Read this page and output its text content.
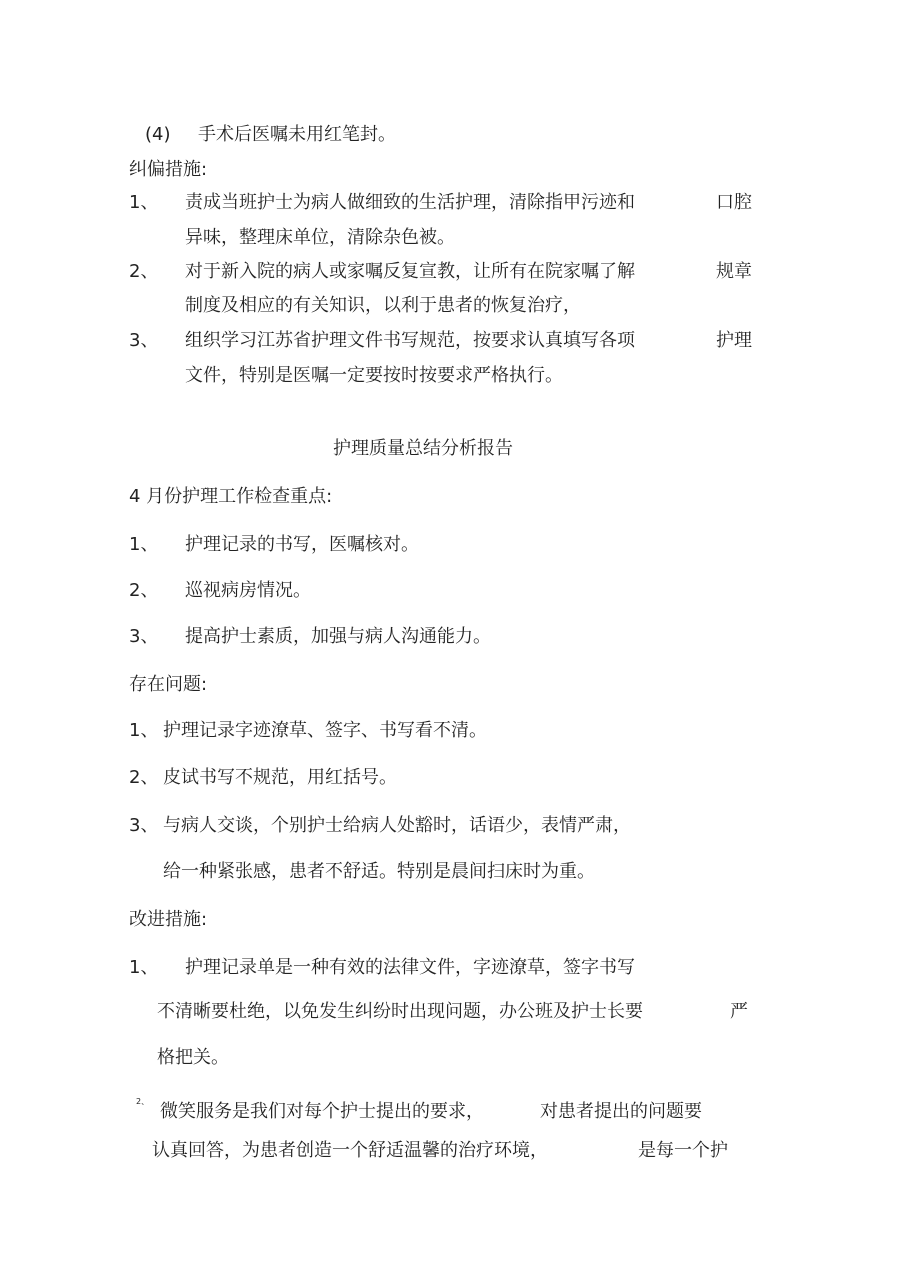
(4) 手术后医嘱未用红笔封。
纠偏措施:
1、 责成当班护士为病人做细致的生活护理，清除指甲污迹和	口腔
异味，整理床单位，清除杂色被。
2、 对于新入院的病人或家嘱反复宣教，让所有在院家嘱了解	规章
制度及相应的有关知识，以利于患者的恢复治疗，
3、 组织学习江苏省护理文件书写规范，按要求认真填写各项	护理
文件，特别是医嘱一定要按时按要求严格执行。
护理质量总结分析报告
4 月份护理工作检查重点:
1、 护理记录的书写，医嘱核对。
2、 巡视病房情况。
3、 提高护士素质，加强与病人沟通能力。
存在问题:
1、 护理记录字迹潦草、签字、书写看不清。
2、 皮试书写不规范，用红括号。
3、 与病人交谈，个别护士给病人处豁时，话语少，表情严肃，
给一种紧张感，患者不舒适。特别是晨间扫床时为重。
改进措施:
1、 护理记录单是一种有效的法律文件，字迹潦草，签字书写
不清晰要杜绝，以免发生纠纷时出现问题，办公班及护士长要	严
格把关。
2、 微笑服务是我们对每个护士提出的要求，	对患者提出的问题要
认真回答，为患者创造一个舒适温馨的治疗环境，	是每一个护
